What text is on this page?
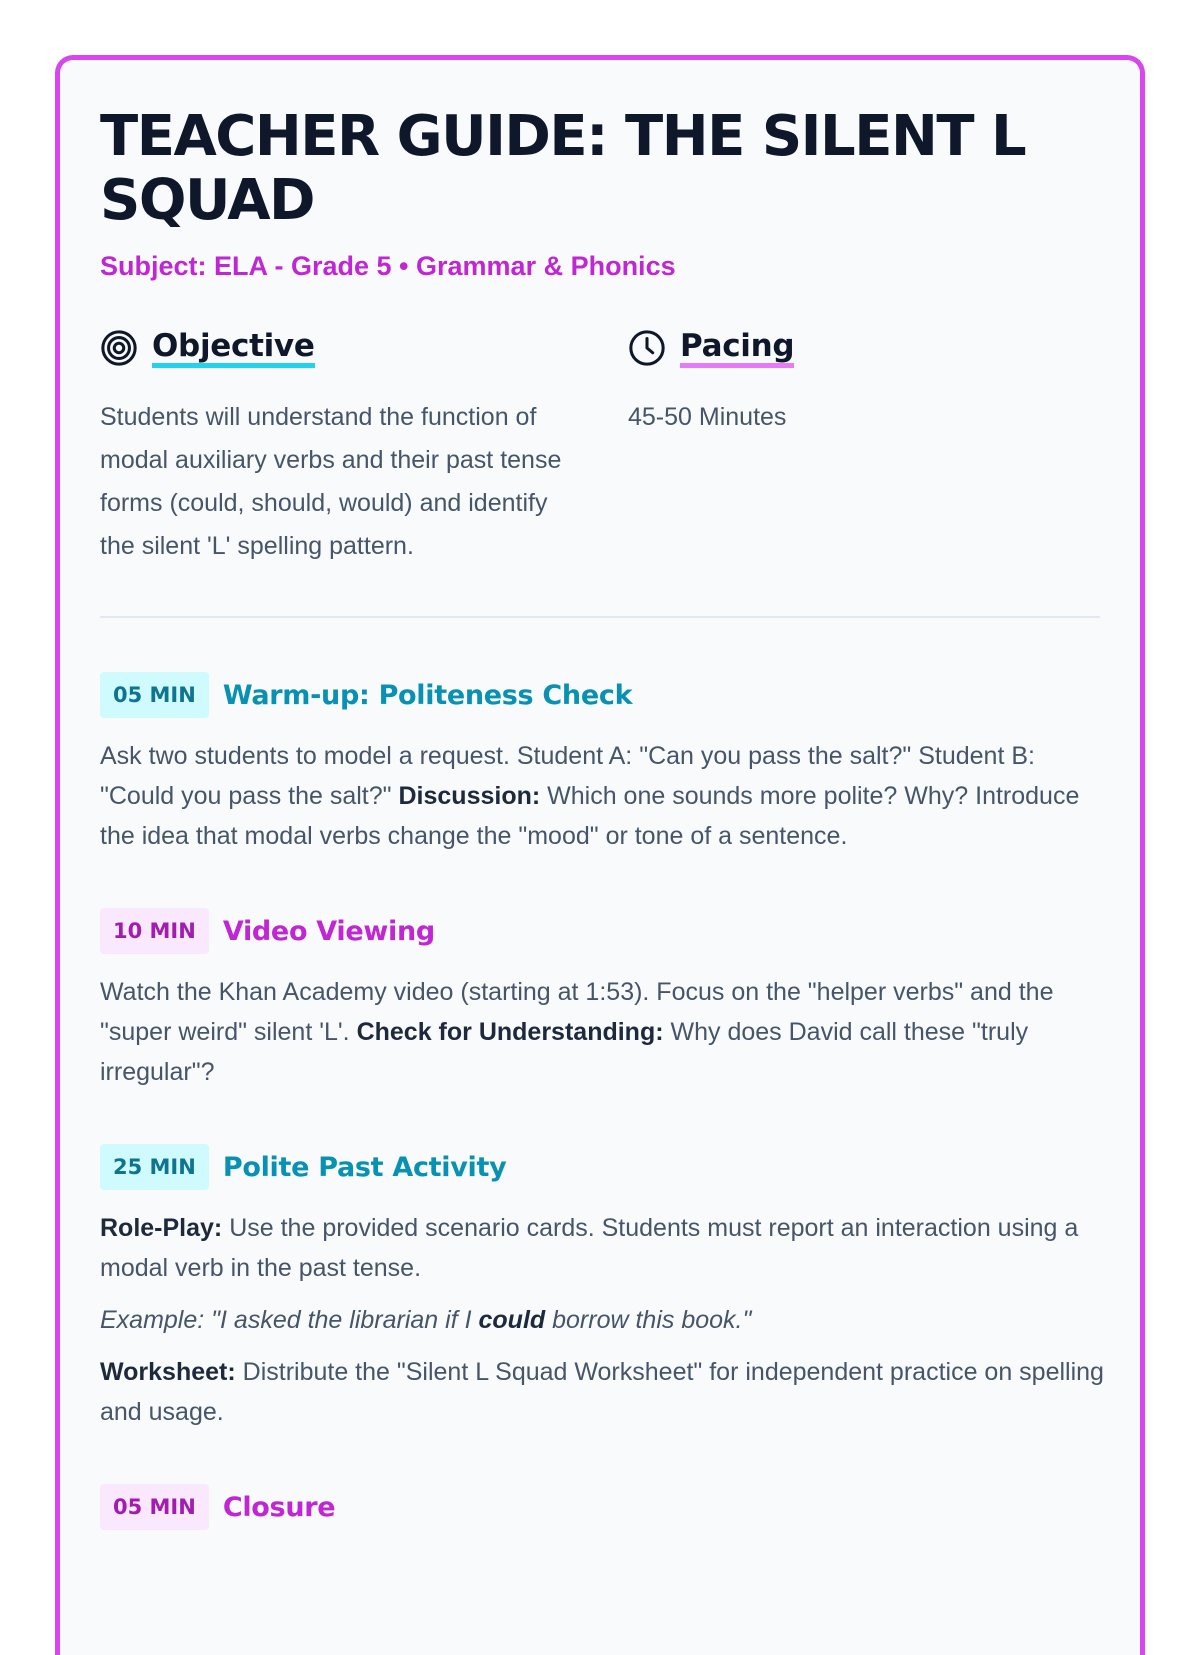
TEACHER GUIDE: THE SILENT L SQUAD
Subject: ELA - Grade 5 • Grammar & Phonics
Objective
Students will understand the function of modal auxiliary verbs and their past tense forms (could, should, would) and identify the silent 'L' spelling pattern.
Pacing
45-50 Minutes
05 MIN	Warm-up: Politeness Check

Ask two students to model a request. Student A: "Can you pass the salt?" Student B: "Could you pass the salt?" Discussion: Which one sounds more polite? Why? Introduce the idea that modal verbs change the "mood" or tone of a sentence.

10 MIN	Video Viewing

Watch the Khan Academy video (starting at 1:53). Focus on the "helper verbs" and the "super weird" silent 'L'. Check for Understanding: Why does David call these "truly irregular"?

25 MIN	Polite Past Activity

Role-Play: Use the provided scenario cards. Students must report an interaction using a modal verb in the past tense.

Example: "I asked the librarian if I could borrow this book."

Worksheet: Distribute the "Silent L Squad Worksheet" for independent practice on spelling and usage.

05 MIN	Closure
